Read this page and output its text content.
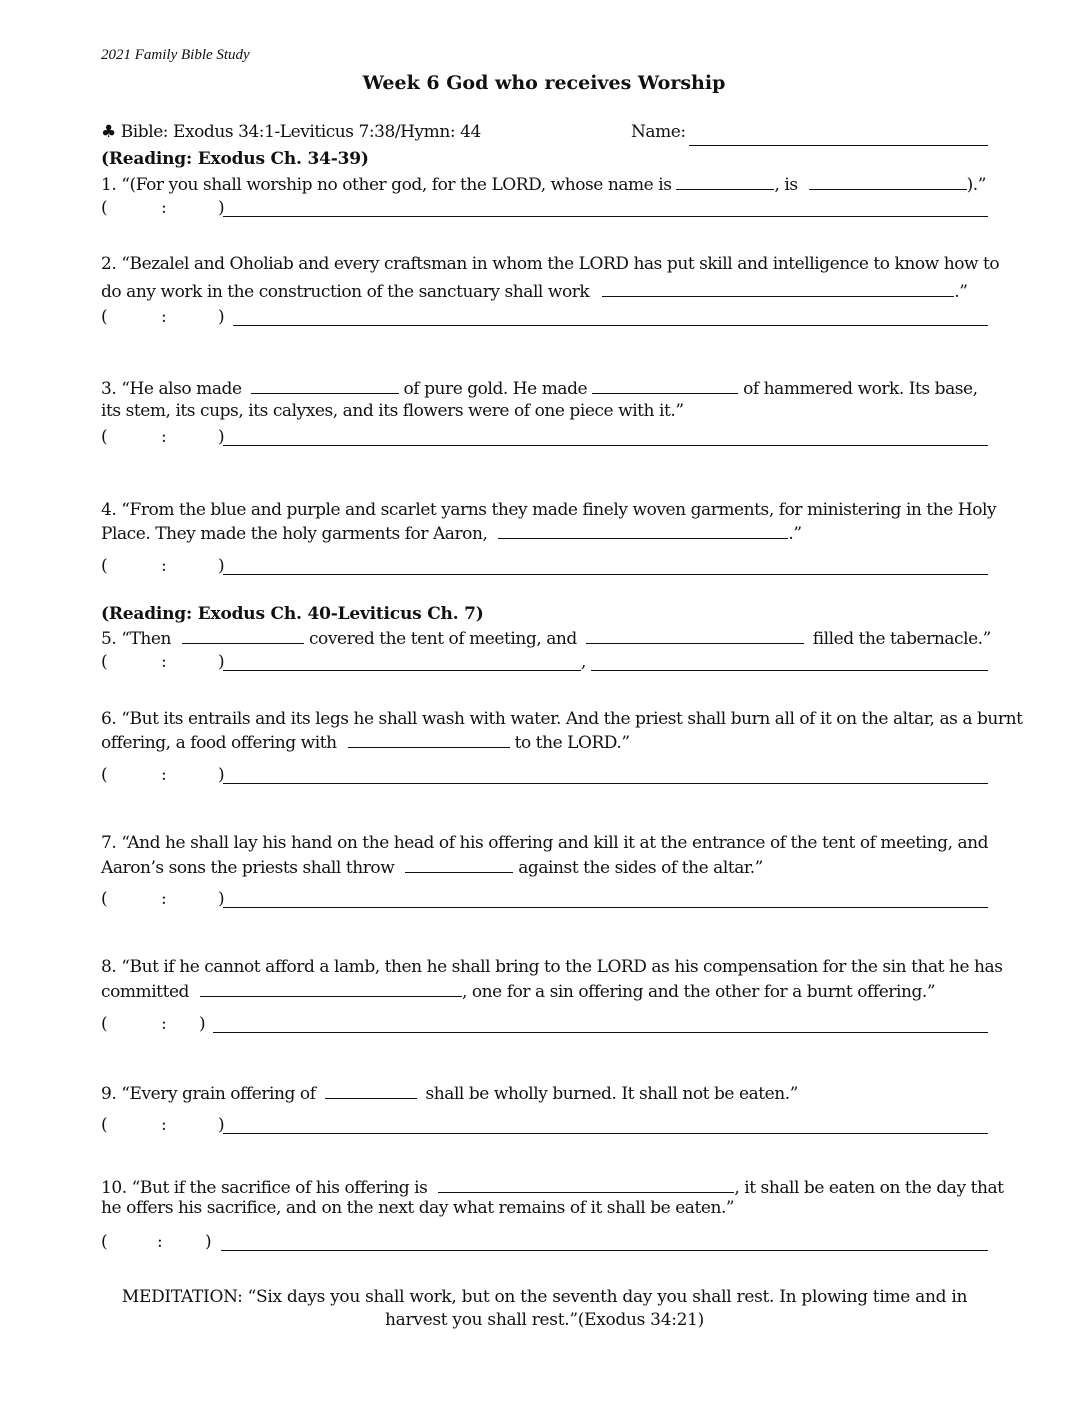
2021 Family Bible Study
Week 6 God who receives Worship
♣ Bible: Exodus 34:1-Leviticus 7:38/Hymn: 44	Name:
(Reading: Exodus Ch. 34-39)
1. “(For you shall worship no other god, for the LORD, whose name is	, is	).”
(	:	)
2. “Bezalel and Oholiab and every craftsman in whom the LORD has put skill and intelligence to know how to
do any work in the construction of the sanctuary shall work	.”
(	:	)
3. “He also made	of pure gold. He made	of hammered work. Its base,
its stem, its cups, its calyxes, and its flowers were of one piece with it.”
(	:	)
4. “From the blue and purple and scarlet yarns they made finely woven garments, for ministering in the Holy
Place. They made the holy garments for Aaron,	.”
(	:	)
(Reading: Exodus Ch. 40-Leviticus Ch. 7)
5. “Then	covered the tent of meeting, and	filled the tabernacle.”
(	:	)	,
6. “But its entrails and its legs he shall wash with water. And the priest shall burn all of it on the altar, as a burnt
offering, a food offering with	to the LORD.”
(	:	)
7. “And he shall lay his hand on the head of his offering and kill it at the entrance of the tent of meeting, and
Aaron’s sons the priests shall throw	against the sides of the altar.”
(	:	)
8. “But if he cannot afford a lamb, then he shall bring to the LORD as his compensation for the sin that he has
committed	, one for a sin offering and the other for a burnt offering.”
(	: )
9. “Every grain offering of	shall be wholly burned. It shall not be eaten.”
(	:	)
10. “But if the sacrifice of his offering is	, it shall be eaten on the day that
he offers his sacrifice, and on the next day what remains of it shall be eaten.”
(	: )
MEDITATION: “Six days you shall work, but on the seventh day you shall rest. In plowing time and in
harvest you shall rest.”(Exodus 34:21)
